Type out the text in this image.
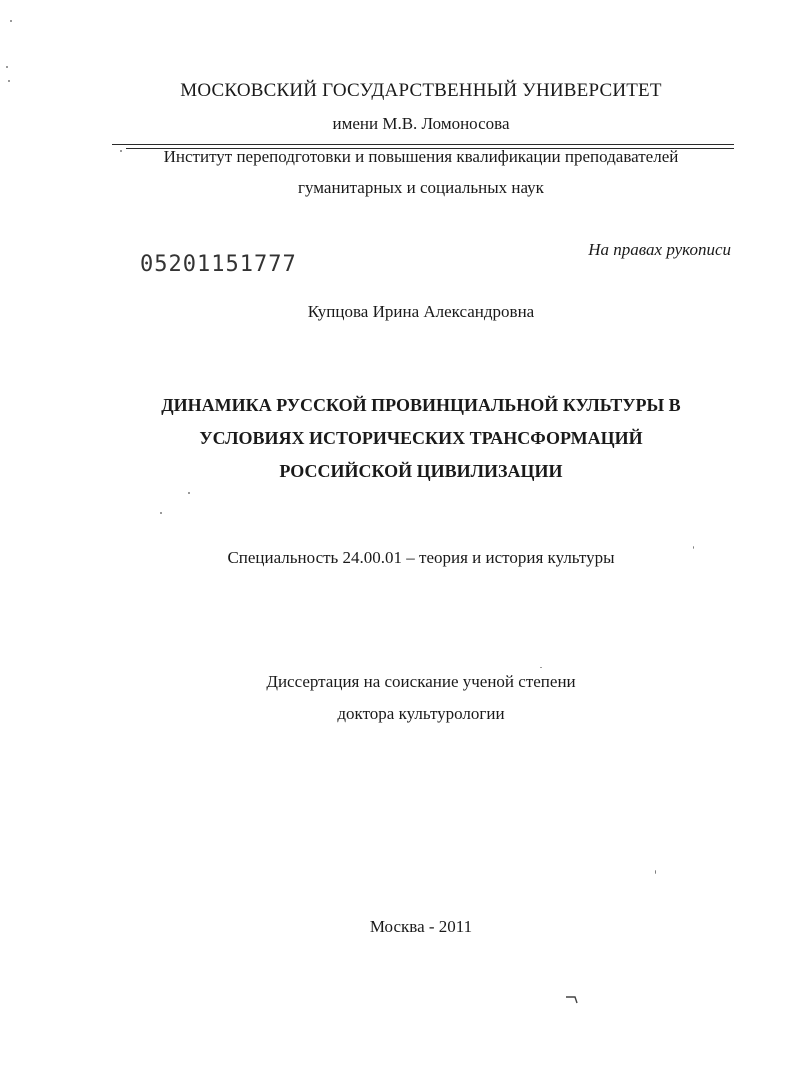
МОСКОВСКИЙ ГОСУДАРСТВЕННЫЙ УНИВЕРСИТЕТ
имени М.В. Ломоносова
Институт переподготовки и повышения квалификации преподавателей
гуманитарных и социальных наук
На правах рукописи
05201151777
Купцова Ирина Александровна
ДИНАМИКА РУССКОЙ ПРОВИНЦИАЛЬНОЙ КУЛЬТУРЫ В
УСЛОВИЯХ ИСТОРИЧЕСКИХ ТРАНСФОРМАЦИЙ
РОССИЙСКОЙ ЦИВИЛИЗАЦИИ
Специальность 24.00.01 – теория и история культуры
Диссертация на соискание ученой степени
доктора культурологии
Москва - 2011
